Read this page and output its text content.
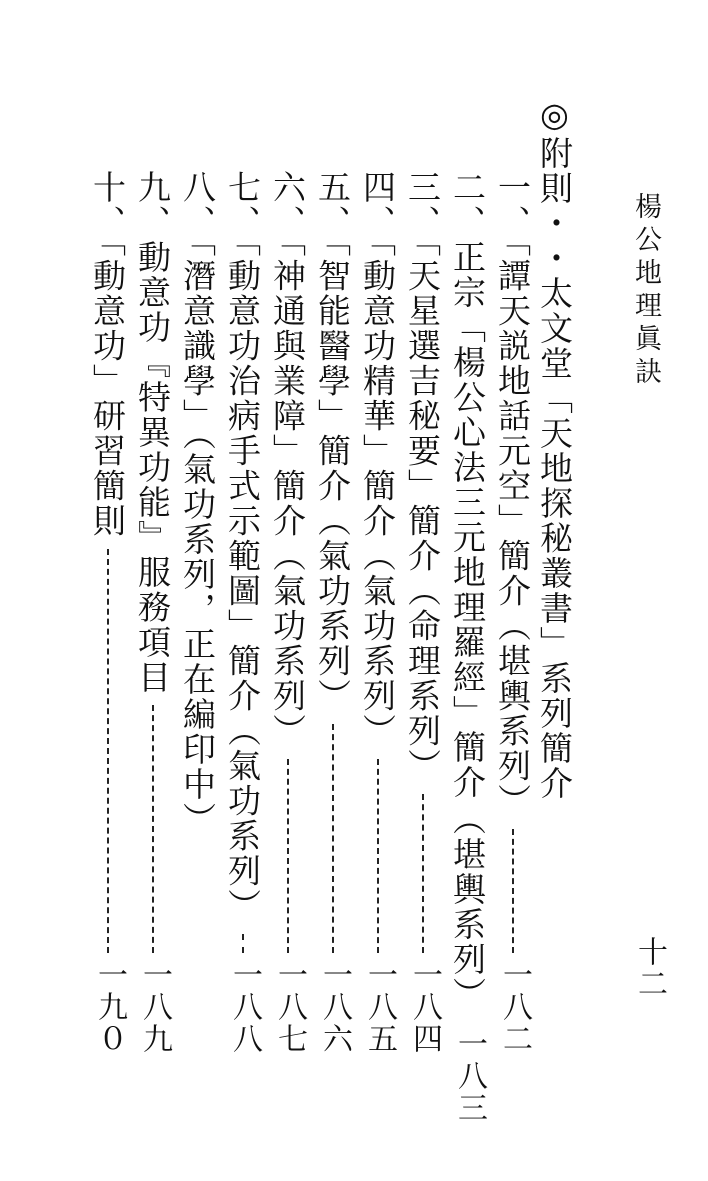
楊公地理眞訣
十二
◎附則・・太文堂「天地探秘叢書」系列簡介
一、「譚天説地話元空」簡介（堪輿系列）
一八二
二、正宗「楊公心法三元地理羅經」簡介
（堪輿系列）
一八三
三、「天星選吉秘要」簡介（命理系列）
一八四
四、「動意功精華」簡介（氣功系列）
一八五
五、「智能醫學」簡介（氣功系列）
一八六
六、「神通與業障」簡介（氣功系列）
一八七
七、「動意功治病手式示範圖」簡介（氣功系列）
一八八
八、「潛意識學」（氣功系列，正在編印中）
九、動意功『特異功能』服務項目
一八九
十、「動意功」研習簡則
一九０
